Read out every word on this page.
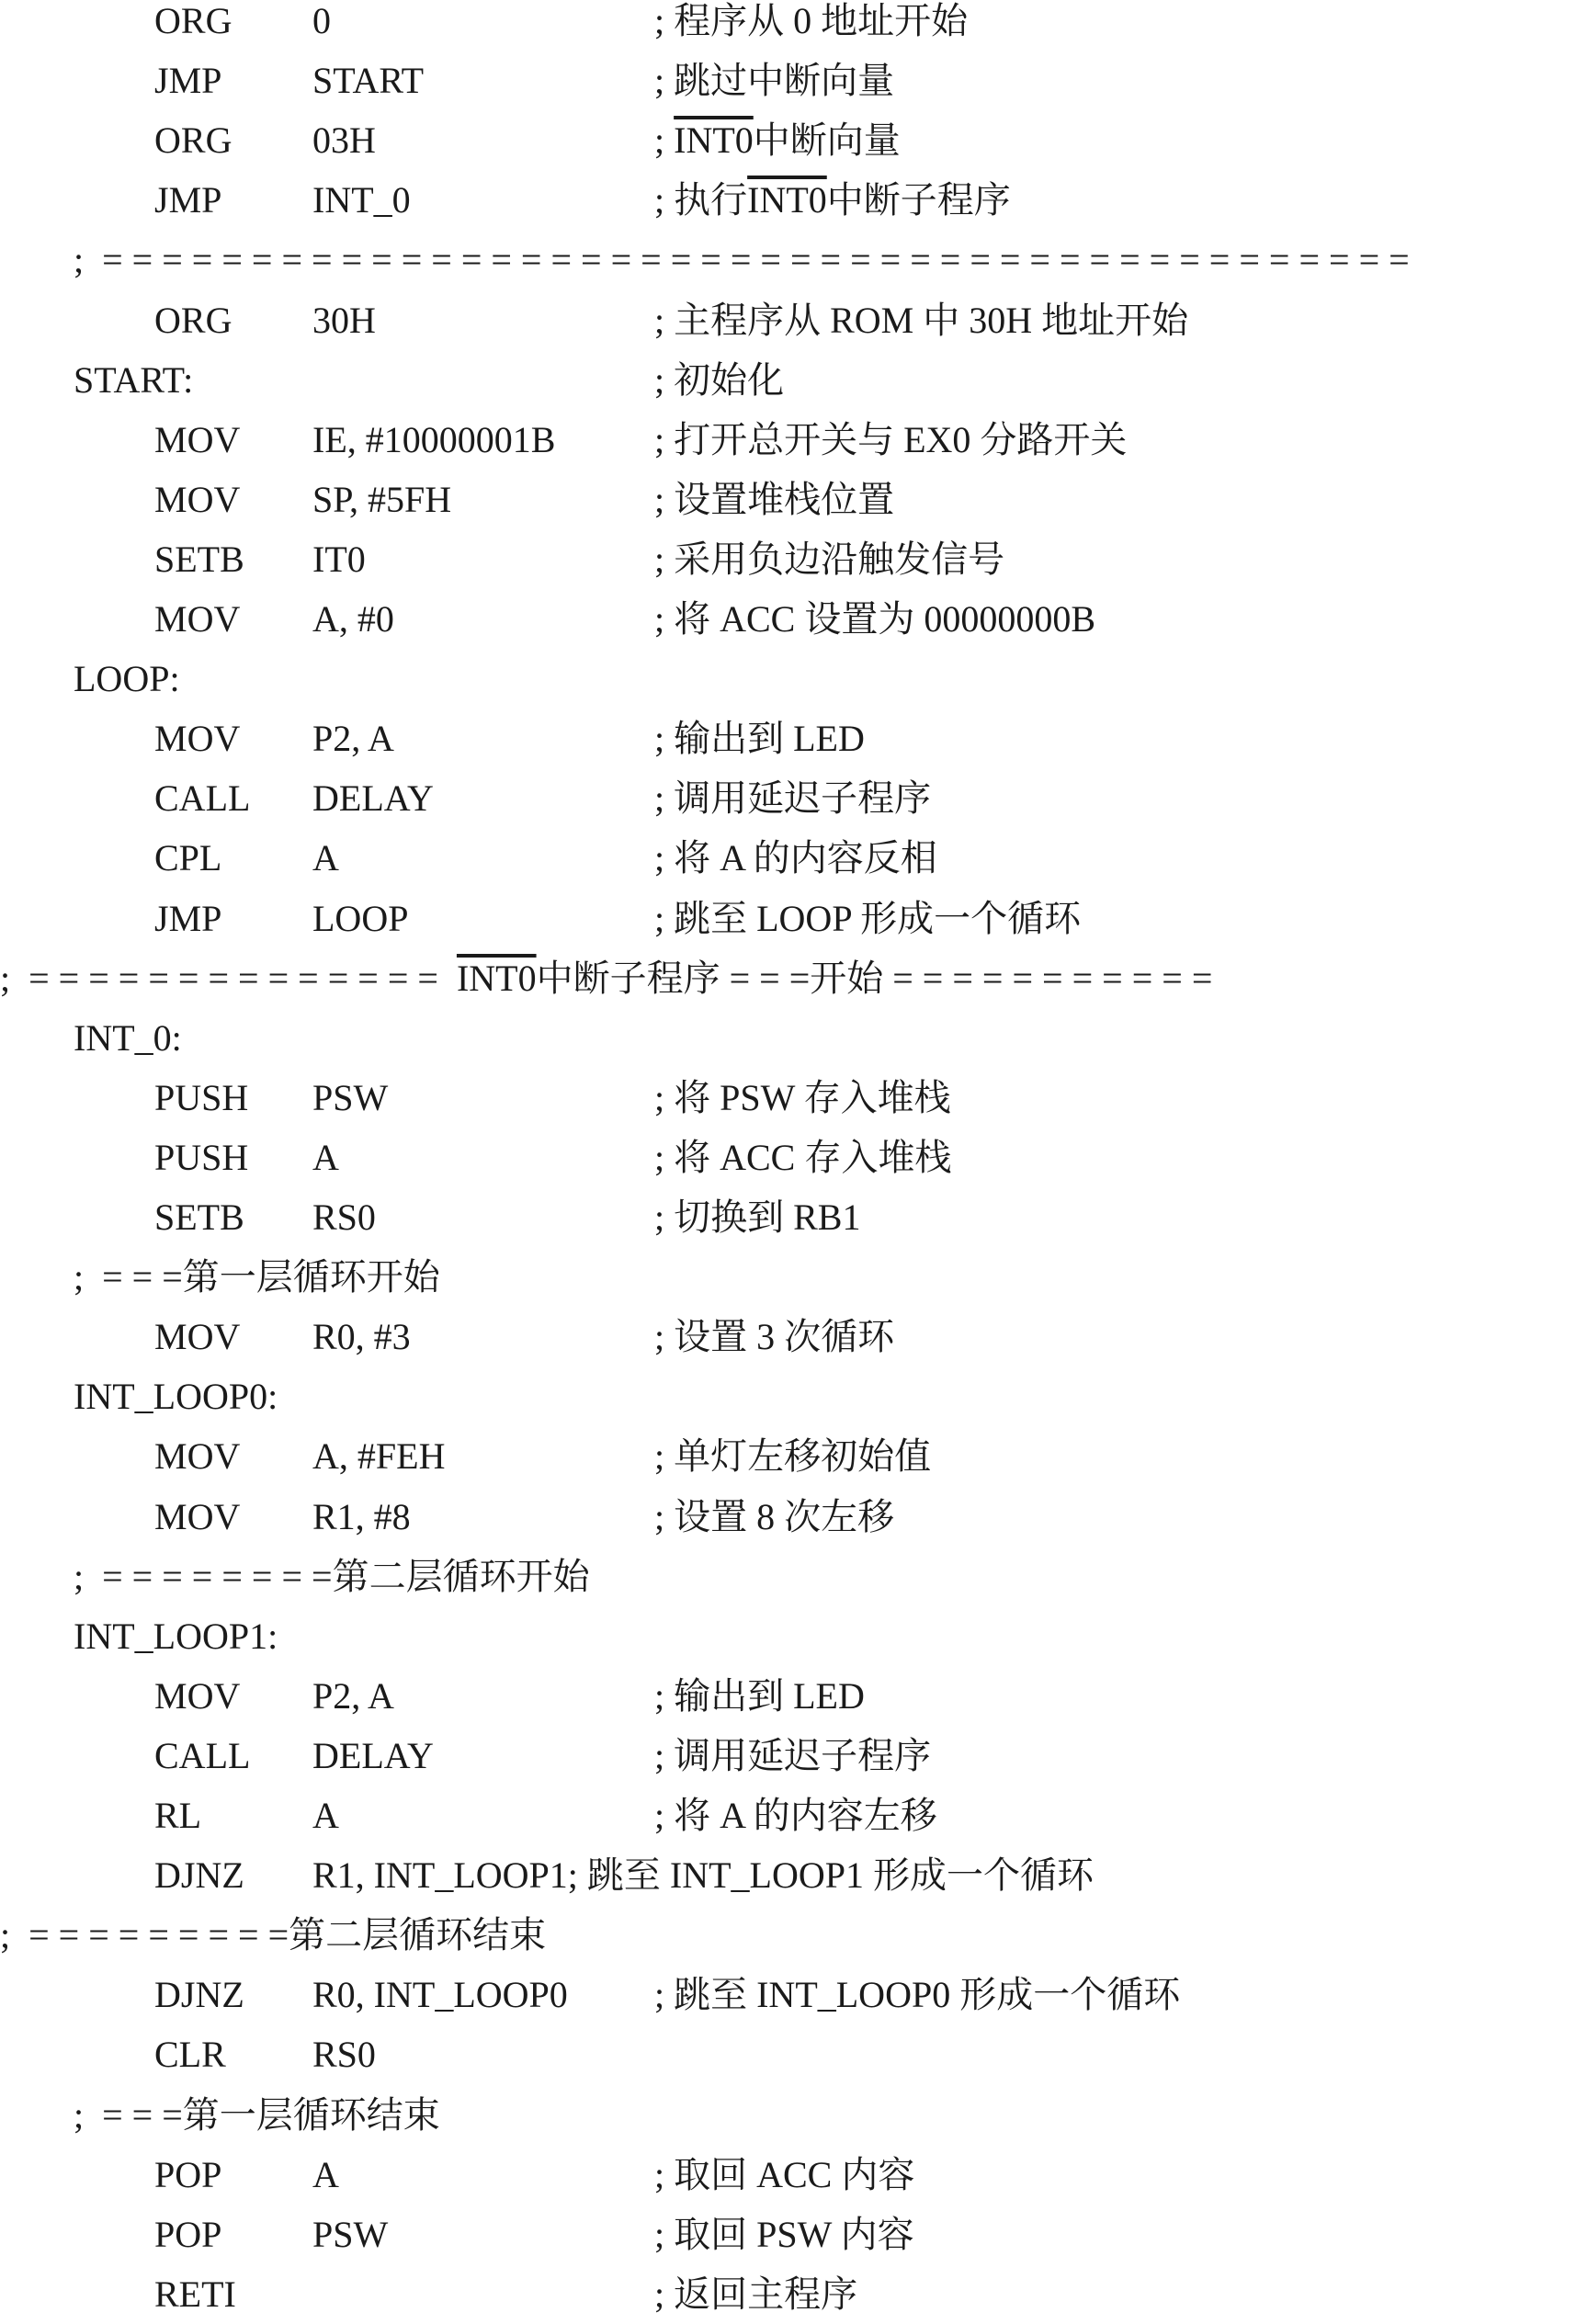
ORG 0	; 程序从 0 地址开始
JMP START	; 跳过中断向量
ORG 03H	; INT0中断向量
JMP INT_0	; 执行INT0中断子程序
;  = = = = = = = = = = = = = = = = = = = = = = = = = = = = = = = = = = = = = = = = = = = =
ORG 30H	; 主程序从 ROM 中 30H 地址开始
START:	; 初始化
MOV IE, #10000001B	; 打开总开关与 EX0 分路开关
MOV SP, #5FH	; 设置堆栈位置
SETB IT0	; 采用负边沿触发信号
MOV A, #0	; 将 ACC 设置为 00000000B
LOOP:
MOV P2, A	; 输出到 LED
CALL DELAY	; 调用延迟子程序
CPL A	; 将 A 的内容反相
JMP LOOP	; 跳至 LOOP 形成一个循环
;  = = = = = = = = = = = = = =  INT0中断子程序 = = =开始 = = = = = = = = = = =
INT_0:
PUSH PSW	; 将 PSW 存入堆栈
PUSH A	; 将 ACC 存入堆栈
SETB RS0	; 切换到 RB1
;  = = =第一层循环开始
MOV R0, #3	; 设置 3 次循环
INT_LOOP0:
MOV A, #FEH	; 单灯左移初始值
MOV R1, #8	; 设置 8 次左移
;  = = = = = = = =第二层循环开始
INT_LOOP1:
MOV P2, A	; 输出到 LED
CALL DELAY	; 调用延迟子程序
RL	A	; 将 A 的内容左移
DJNZ R1, INT_LOOP1; 跳至 INT_LOOP1 形成一个循环
;  = = = = = = = = =第二层循环结束
DJNZ R0, INT_LOOP0 ; 跳至 INT_LOOP0 形成一个循环
CLR RS0
;  = = =第一层循环结束
POP A	; 取回 ACC 内容
POP PSW	; 取回 PSW 内容
RETI	; 返回主程序
